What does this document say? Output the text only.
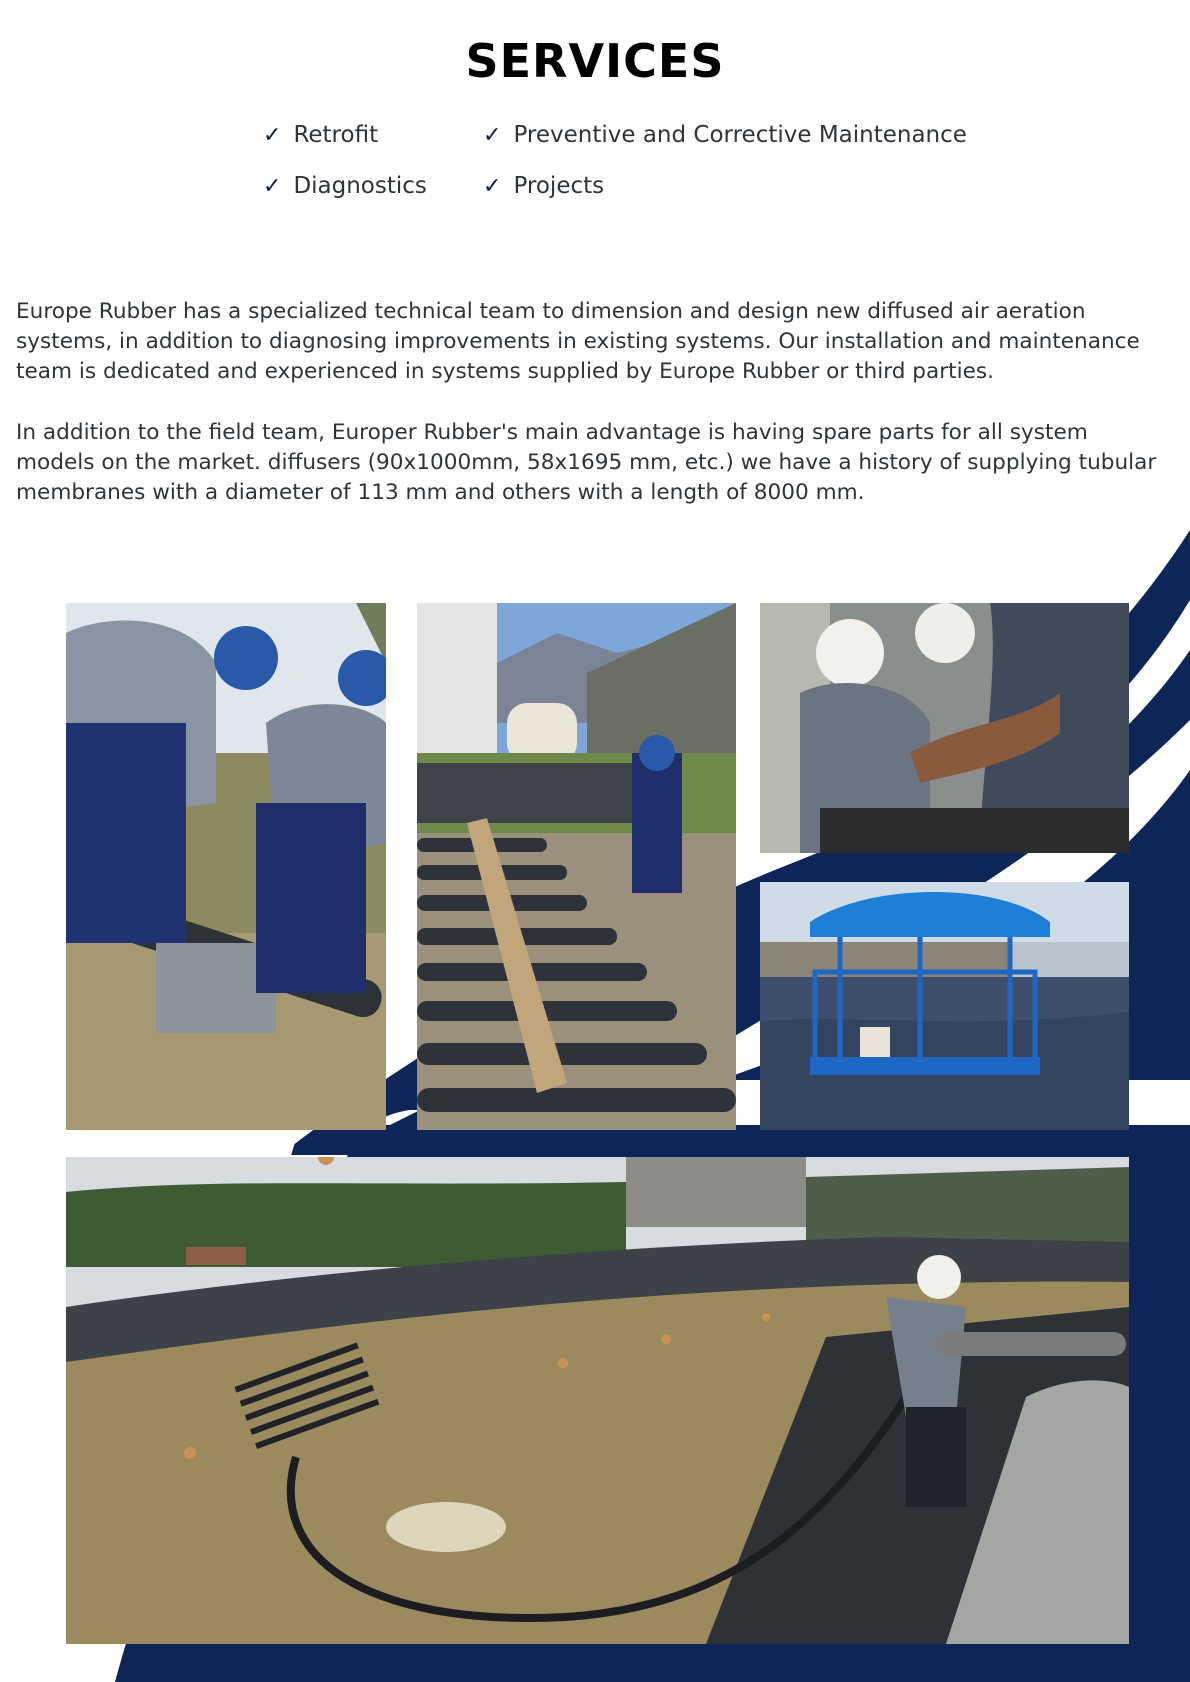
SERVICES
✓ Retrofit	✓ Preventive and Corrective Maintenance
✓ Diagnostics	✓ Projects

Europe Rubber has a specialized technical team to dimension and design new diffused air aeration systems, in addition to diagnosing improvements in existing systems. Our installation and maintenance team is dedicated and experienced in systems supplied by Europe Rubber or third parties.

In addition to the field team, Europer Rubber's main advantage is having spare parts for all system models on the market. diffusers (90x1000mm, 58x1695 mm, etc.) we have a history of supplying tubular membranes with a diameter of 113 mm and others with a length of 8000 mm.
